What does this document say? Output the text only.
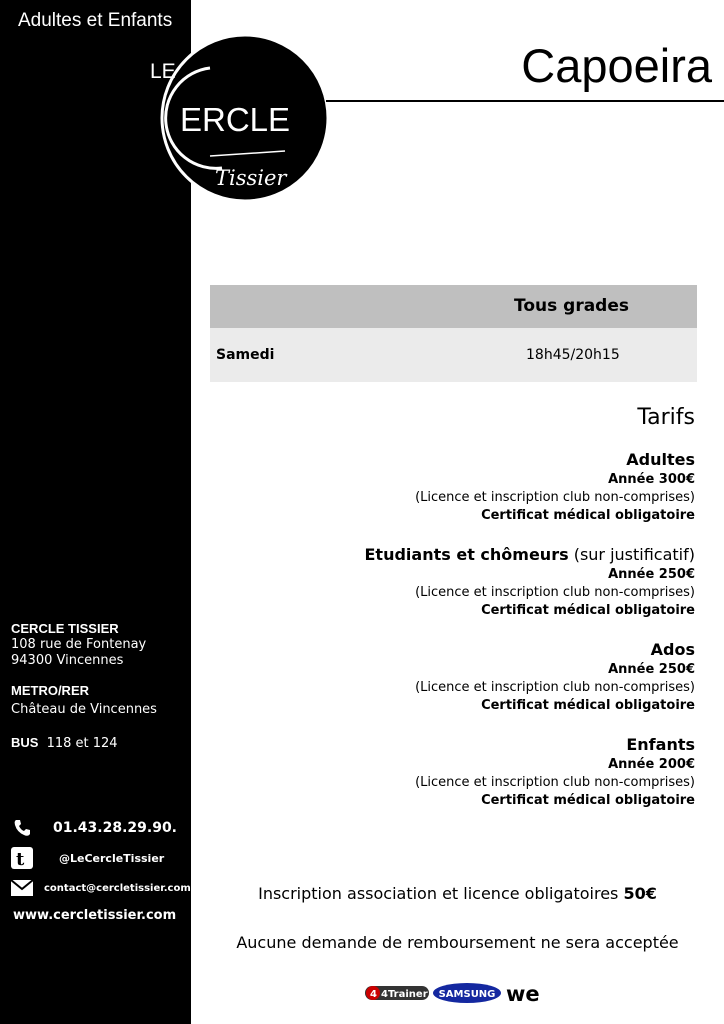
Adultes et Enfants
LE
ERCLE
Tissier
Capoeira
Tous grades
Samedi	18h45/20h15
Tarifs
Adultes
Année 300€
(Licence et inscription club non-comprises)
Certificat médical obligatoire
Etudiants et chômeurs (sur justificatif)
Année 250€
(Licence et inscription club non-comprises)
Certificat médical obligatoire
Ados
Année 250€
(Licence et inscription club non-comprises)
Certificat médical obligatoire
Enfants
Année 200€
(Licence et inscription club non-comprises)
Certificat médical obligatoire
Inscription association et licence obligatoires 50€
Aucune demande de remboursement ne sera acceptée
CERCLE TISSIER
108 rue de Fontenay
94300 Vincennes
METRO/RER
Château de Vincennes
BUS 118 et 124
01.43.28.29.90.
t	@LeCercleTissier
contact@cercletissier.com
www.cercletissier.com
4 4Trainer SAMSUNG we
